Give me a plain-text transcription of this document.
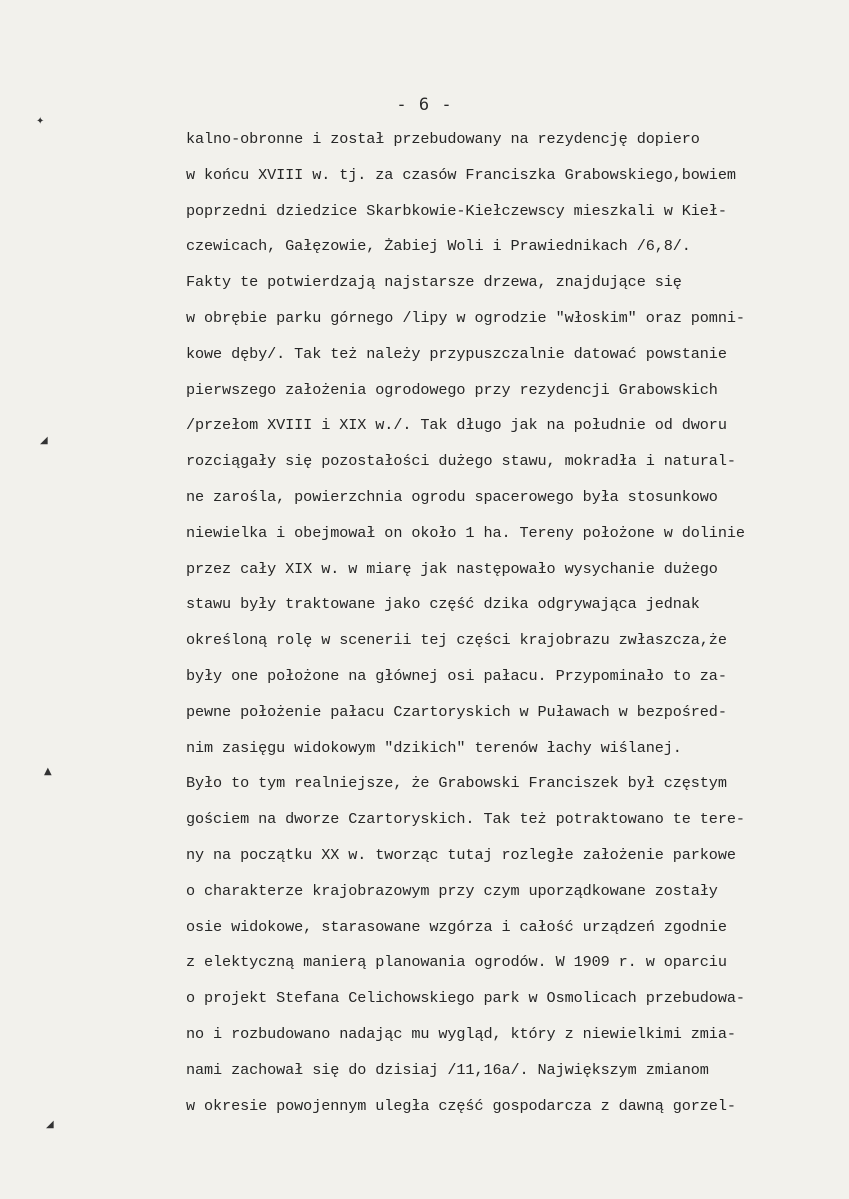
- 6 -
kalno-obronne i został przebudowany na rezydencję dopiero
w końcu XVIII w. tj. za czasów Franciszka Grabowskiego,bowiem
poprzedni dziedzice Skarbkowie-Kiełczewscy mieszkali w Kieł-
czewicach, Gałęzowie, Żabiej Woli i Prawiednikach /6,8/.
Fakty te potwierdzają najstarsze drzewa, znajdujące się
w obrębie parku górnego /lipy w ogrodzie "włoskim" oraz pomni-
kowe dęby/. Tak też należy przypuszczalnie datować powstanie
pierwszego założenia ogrodowego przy rezydencji Grabowskich
/przełom XVIII i XIX w./. Tak długo jak na południe od dworu
rozciągały się pozostałości dużego stawu, mokradła i natural-
ne zarośla, powierzchnia ogrodu spacerowego była stosunkowo
niewielka i obejmował on około 1 ha. Tereny położone w dolinie
przez cały XIX w. w miarę jak następowało wysychanie dużego
stawu były traktowane jako część dzika odgrywająca jednak
określoną rolę w scenerii tej części krajobrazu zwłaszcza,że
były one położone na głównej osi pałacu. Przypominało to za-
pewne położenie pałacu Czartoryskich w Puławach w bezpośred-
nim zasięgu widokowym "dzikich" terenów łachy wiślanej.
Było to tym realniejsze, że Grabowski Franciszek był częstym
gościem na dworze Czartoryskich. Tak też potraktowano te tere-
ny na początku XX w. tworząc tutaj rozległe założenie parkowe
o charakterze krajobrazowym przy czym uporządkowane zostały
osie widokowe, starasowane wzgórza i całość urządzeń zgodnie
z elektyczną manierą planowania ogrodów. W 1909 r. w oparciu
o projekt Stefana Celichowskiego park w Osmolicach przebudowa-
no i rozbudowano nadając mu wygląd, który z niewielkimi zmia-
nami zachował się do dzisiaj /11,16a/. Największym zmianom
w okresie powojennym uległa część gospodarcza z dawną gorzel-
✦
◢
▲
◢
